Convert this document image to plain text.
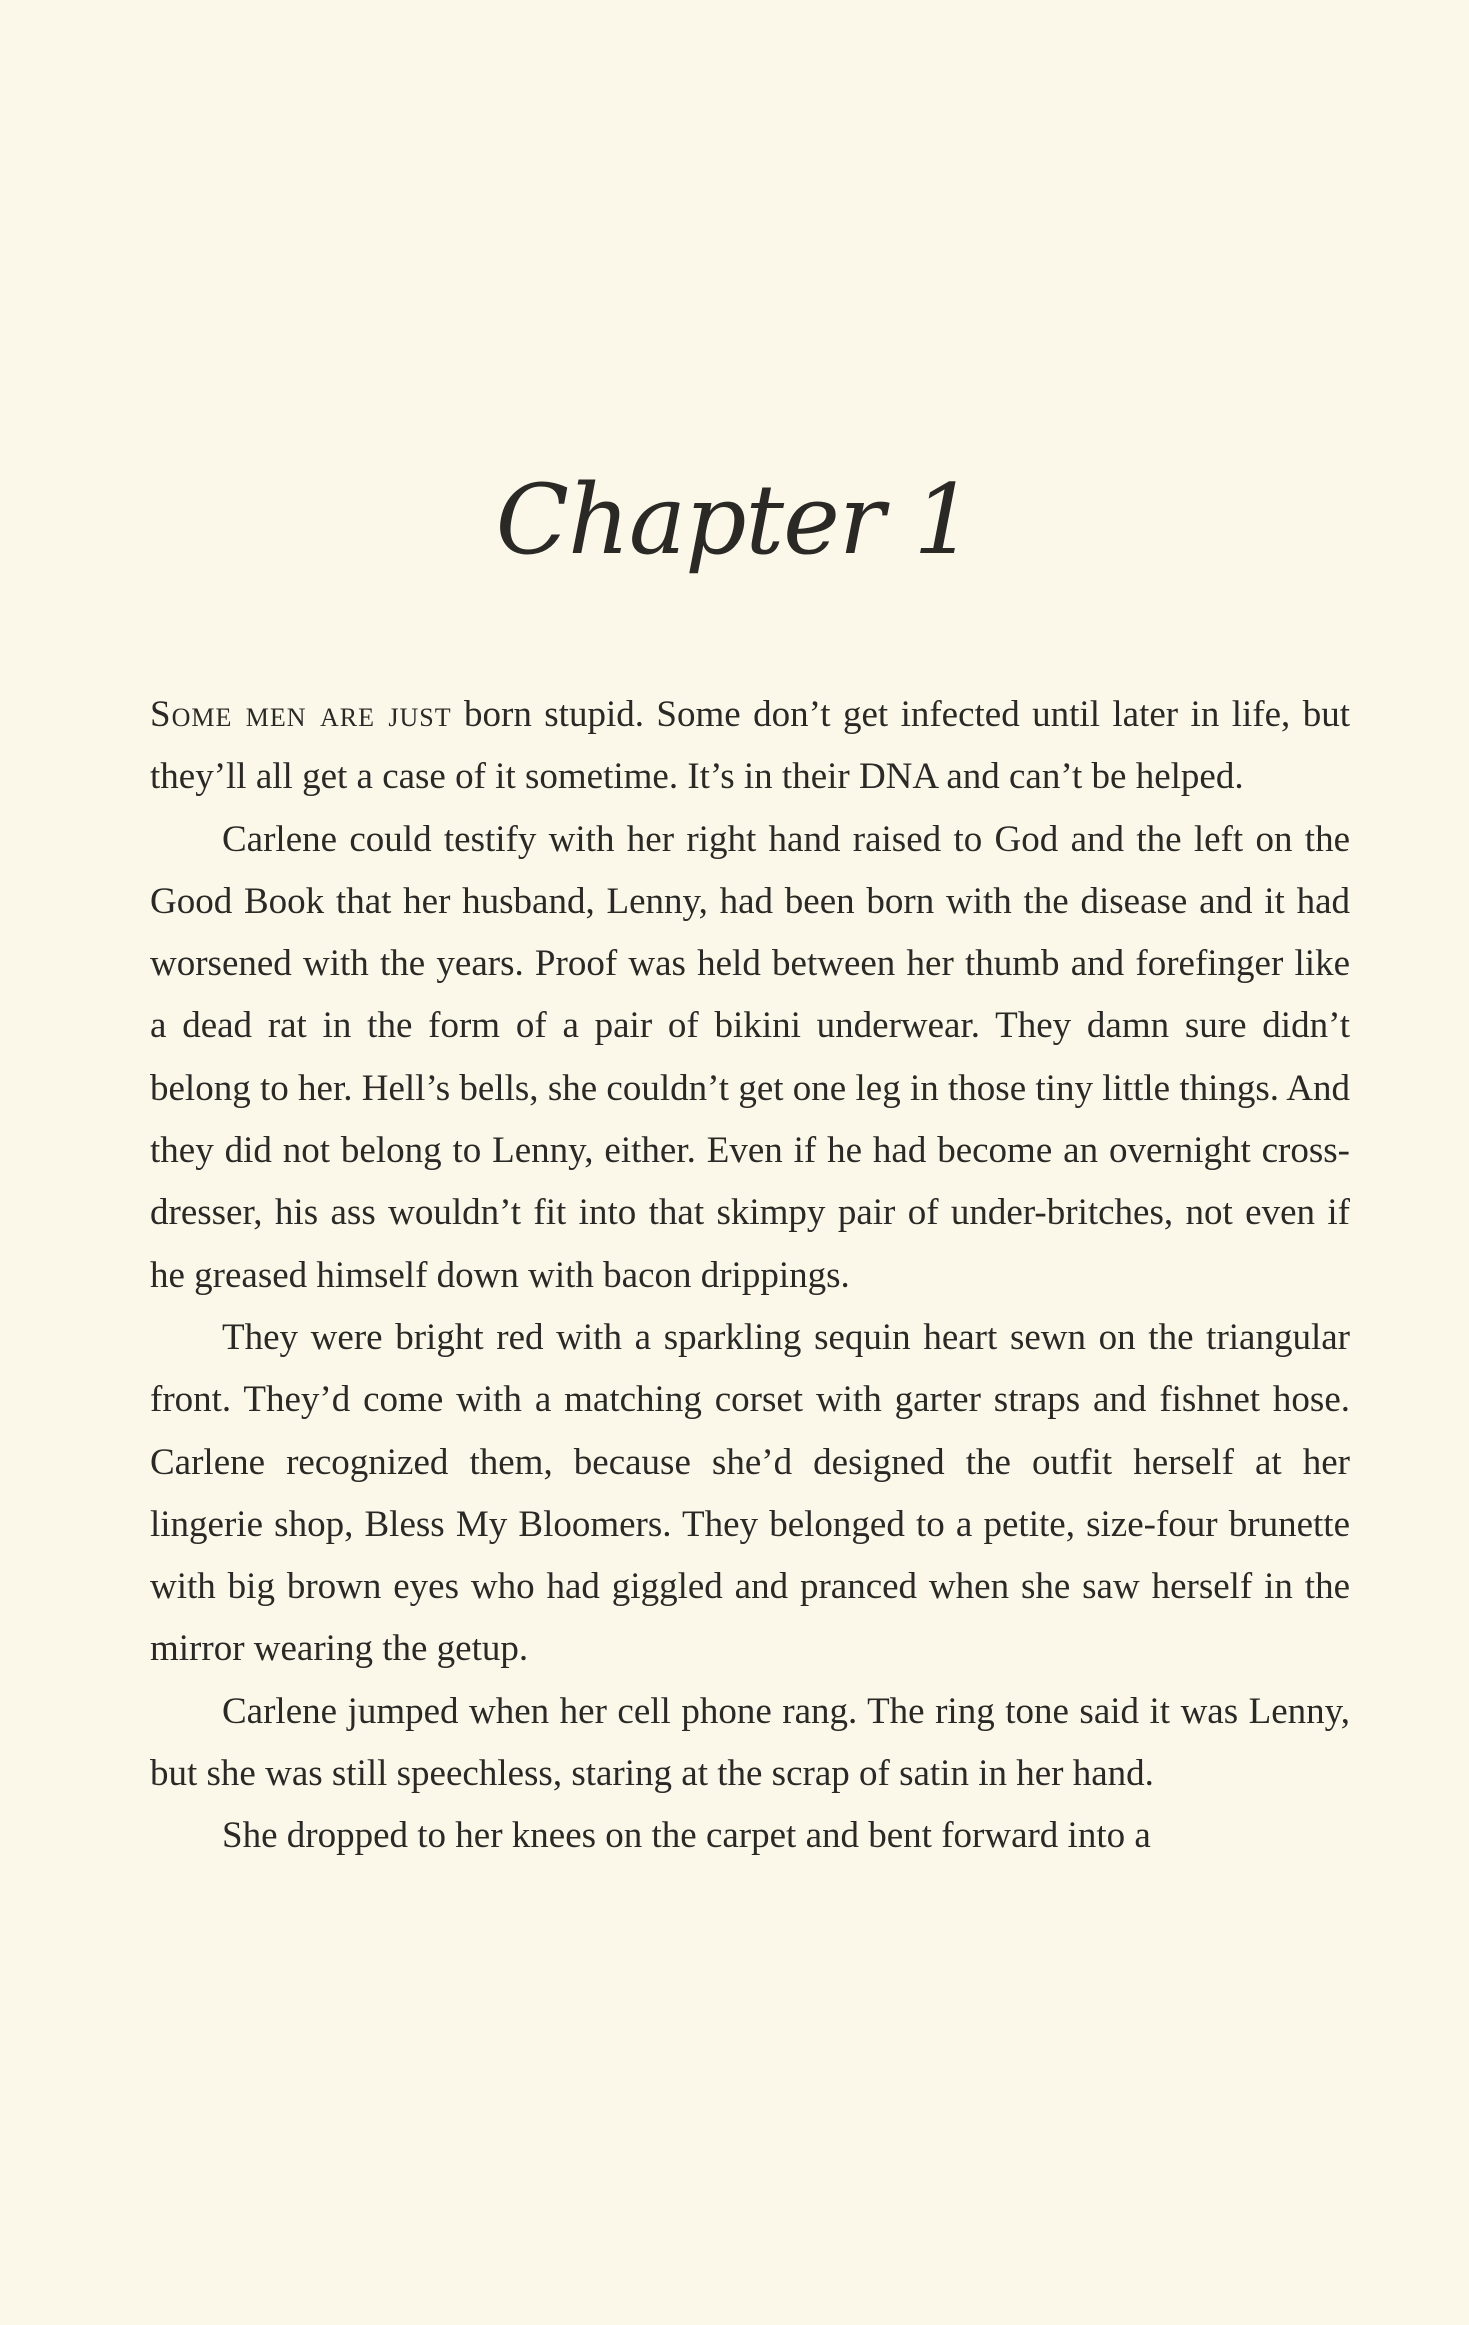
Chapter 1

Some men are just born stupid. Some don’t get infected until later in life, but they’ll all get a case of it sometime. It’s in their DNA and can’t be helped.

Carlene could testify with her right hand raised to God and the left on the Good Book that her husband, Lenny, had been born with the disease and it had worsened with the years. Proof was held between her thumb and forefinger like a dead rat in the form of a pair of bikini underwear. They damn sure didn’t belong to her. Hell’s bells, she couldn’t get one leg in those tiny little things. And they did not belong to Lenny, either. Even if he had become an overnight cross-dresser, his ass wouldn’t fit into that skimpy pair of under-britches, not even if he greased himself down with bacon drippings.

They were bright red with a sparkling sequin heart sewn on the triangular front. They’d come with a matching corset with garter straps and fishnet hose. Carlene recognized them, because she’d designed the outfit herself at her lingerie shop, Bless My Bloomers. They belonged to a petite, size-four brunette with big brown eyes who had giggled and pranced when she saw herself in the mirror wearing the getup.

Carlene jumped when her cell phone rang. The ring tone said it was Lenny, but she was still speechless, staring at the scrap of satin in her hand.

She dropped to her knees on the carpet and bent forward into a
